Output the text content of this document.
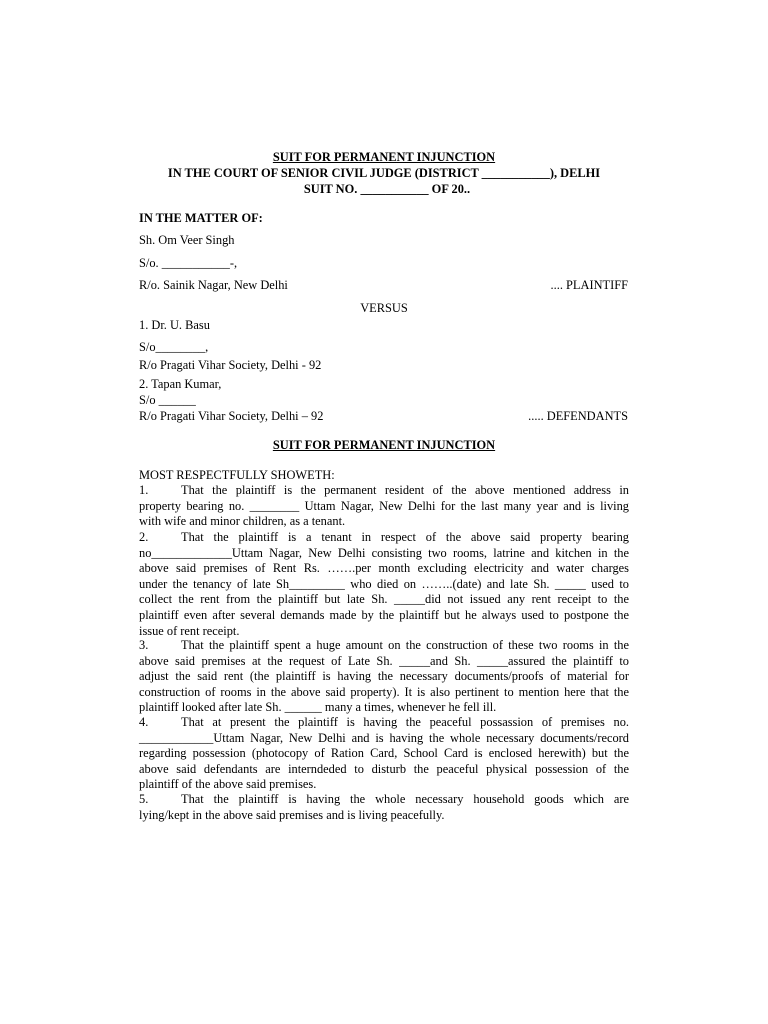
SUIT FOR PERMANENT INJUNCTION
IN THE COURT OF SENIOR CIVIL JUDGE (DISTRICT ___________), DELHI
SUIT NO. ___________ OF 20..
IN THE MATTER OF:
Sh. Om Veer Singh
S/o. ___________-,
R/o. Sainik Nagar, New Delhi	.... PLAINTIFF
VERSUS
1. Dr. U. Basu
S/o________,
R/o Pragati Vihar Society, Delhi - 92
2. Tapan Kumar,
S/o ______
R/o Pragati Vihar Society, Delhi – 92	..... DEFENDANTS
SUIT FOR PERMANENT INJUNCTION
MOST RESPECTFULLY SHOWETH:
1.	That the plaintiff is the permanent resident of the above mentioned address in
property bearing no. ________ Uttam Nagar, New Delhi for the last many year and is living
with wife and minor children, as a tenant.
2.	That the plaintiff is a tenant in respect of the above said property bearing
no_____________Uttam Nagar, New Delhi consisting two rooms, latrine and kitchen in the
above said premises of Rent Rs. …….per month excluding electricity and water charges
under the tenancy of late Sh_________ who died on ……..(date) and late Sh. _____ used to
collect the rent from the plaintiff but late Sh. _____did not issued any rent receipt to the
plaintiff even after several demands made by the plaintiff but he always used to postpone the
issue of rent receipt.
3.	That the plaintiff spent a huge amount on the construction of these two rooms in the
above said premises at the request of Late Sh. _____and Sh. _____assured the plaintiff to
adjust the said rent (the plaintiff is having the necessary documents/proofs of material for
construction of rooms in the above said property). It is also pertinent to mention here that the
plaintiff looked after late Sh. ______ many a times, whenever he fell ill.
4.	That at present the plaintiff is having the peaceful possassion of premises no.
____________Uttam Nagar, New Delhi and is having the whole necessary documents/record
regarding possession (photocopy of Ration Card, School Card is enclosed herewith) but the
above said defendants are interndeded to disturb the peaceful physical possession of the
plaintiff of the above said premises.
5.	That the plaintiff is having the whole necessary household goods which are
lying/kept in the above said premises and is living peacefully.
